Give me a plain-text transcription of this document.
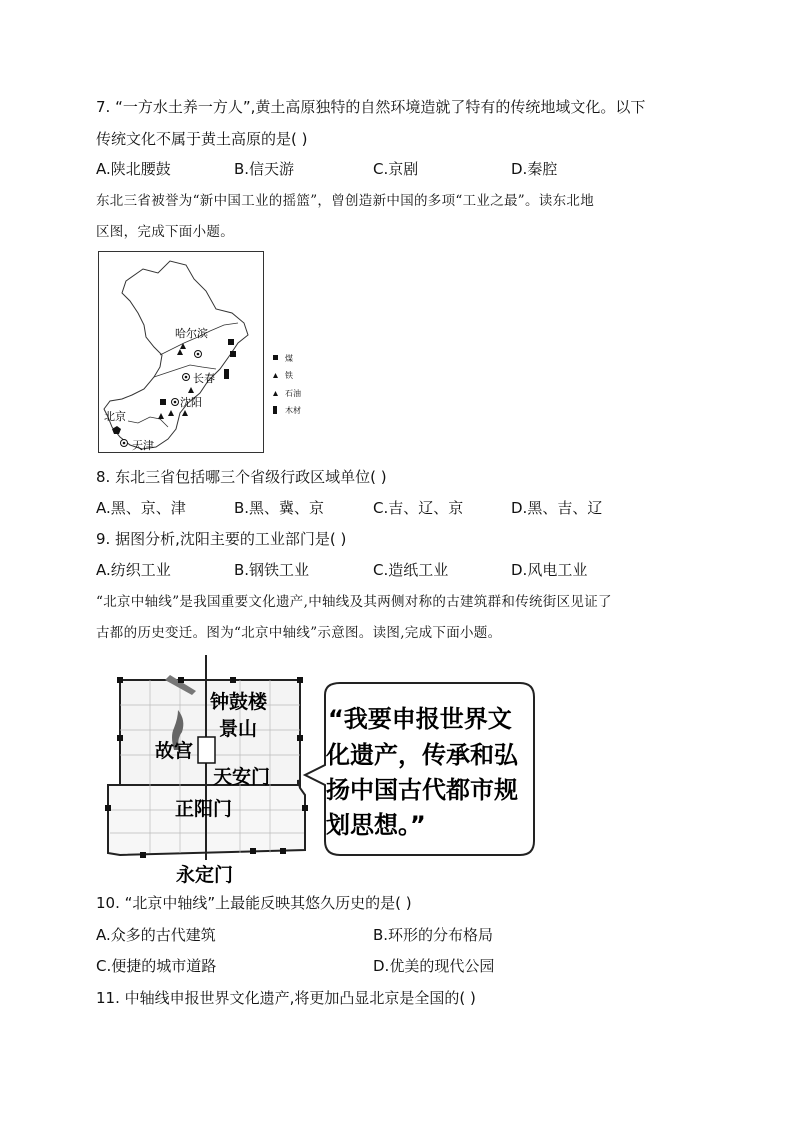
7. “一方水土养一方人”,黄土高原独特的自然环境造就了特有的传统地域文化。以下
传统文化不属于黄土高原的是( )
A.陕北腰鼓	B.信天游	C.京剧	D.秦腔
东北三省被誉为“新中国工业的摇篮”，曾创造新中国的多项“工业之最”。读东北地
区图，完成下面小题。
哈尔滨
长春
沈阳
北京
天津
煤
铁
石油
木材
8. 东北三省包括哪三个省级行政区域单位( )
A.黑、京、津	B.黑、冀、京	C.吉、辽、京	D.黑、吉、辽
9. 据图分析,沈阳主要的工业部门是( )
A.纺织工业	B.钢铁工业	C.造纸工业	D.风电工业
“北京中轴线”是我国重要文化遗产,中轴线及其两侧对称的古建筑群和传统街区见证了
古都的历史变迁。图为“北京中轴线”示意图。读图,完成下面小题。
钟鼓楼
景山
故宫
天安门
正阳门
永定门
“我要申报世界文
化遗产，传承和弘
扬中国古代都市规
划思想。”
10. “北京中轴线”上最能反映其悠久历史的是( )
A.众多的古代建筑	B.环形的分布格局
C.便捷的城市道路	D.优美的现代公园
11. 中轴线申报世界文化遗产,将更加凸显北京是全国的( )
